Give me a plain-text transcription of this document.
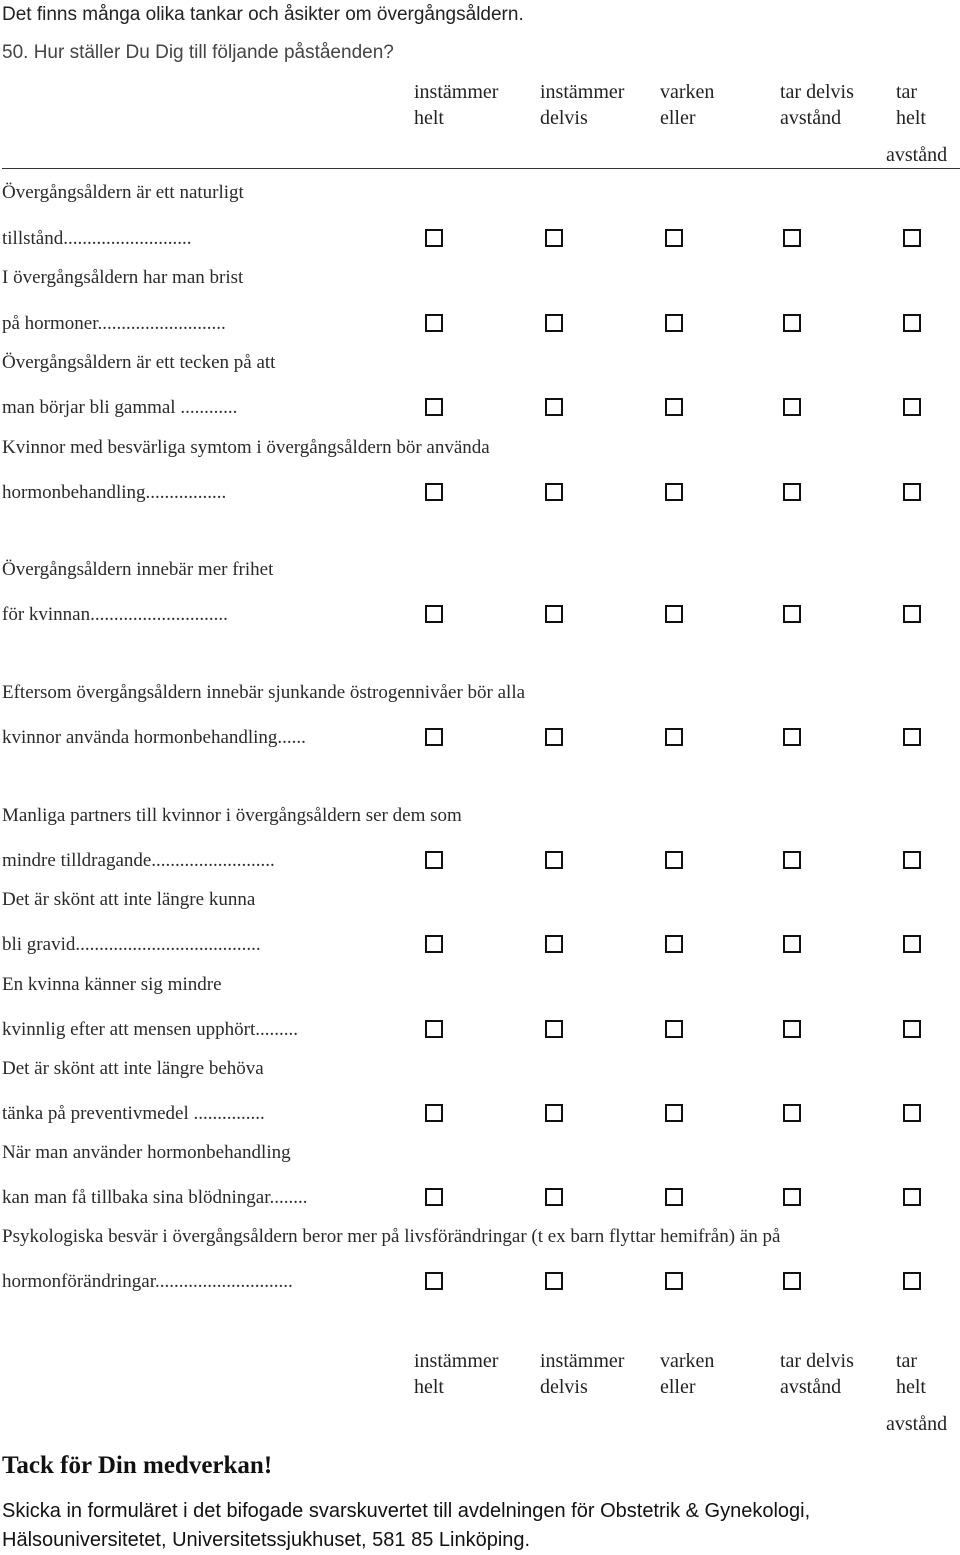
Det finns många olika tankar och åsikter om övergångsåldern.
50. Hur ställer Du Dig till följande påståenden?
instämmer
helt
instämmer
delvis
varken
eller
tar delvis
avstånd
tar
helt
avstånd
Övergångsåldern är ett naturligt
tillstånd...........................
I övergångsåldern har man brist
på hormoner...........................
Övergångsåldern är ett tecken på att
man börjar bli gammal ............
Kvinnor med besvärliga symtom i övergångsåldern bör använda
hormonbehandling.................
Övergångsåldern innebär mer frihet
för kvinnan.............................
Eftersom övergångsåldern innebär sjunkande östrogennivåer bör alla
kvinnor använda hormonbehandling......
Manliga partners till kvinnor i övergångsåldern ser dem som
mindre tilldragande..........................
Det är skönt att inte längre kunna
bli gravid.......................................
En kvinna känner sig mindre
kvinnlig efter att mensen upphört.........
Det är skönt att inte längre behöva
tänka på preventivmedel ...............
När man använder hormonbehandling
kan man få tillbaka sina blödningar........
Psykologiska besvär i övergångsåldern beror mer på livsförändringar (t ex barn flyttar hemifrån) än på
hormonförändringar.............................
instämmer
helt
instämmer
delvis
varken
eller
tar delvis
avstånd
tar
helt
avstånd
Tack för Din medverkan!
Skicka in formuläret i det bifogade svarskuvertet till avdelningen för Obstetrik & Gynekologi,
Hälsouniversitetet, Universitetssjukhuset, 581 85 Linköping.
